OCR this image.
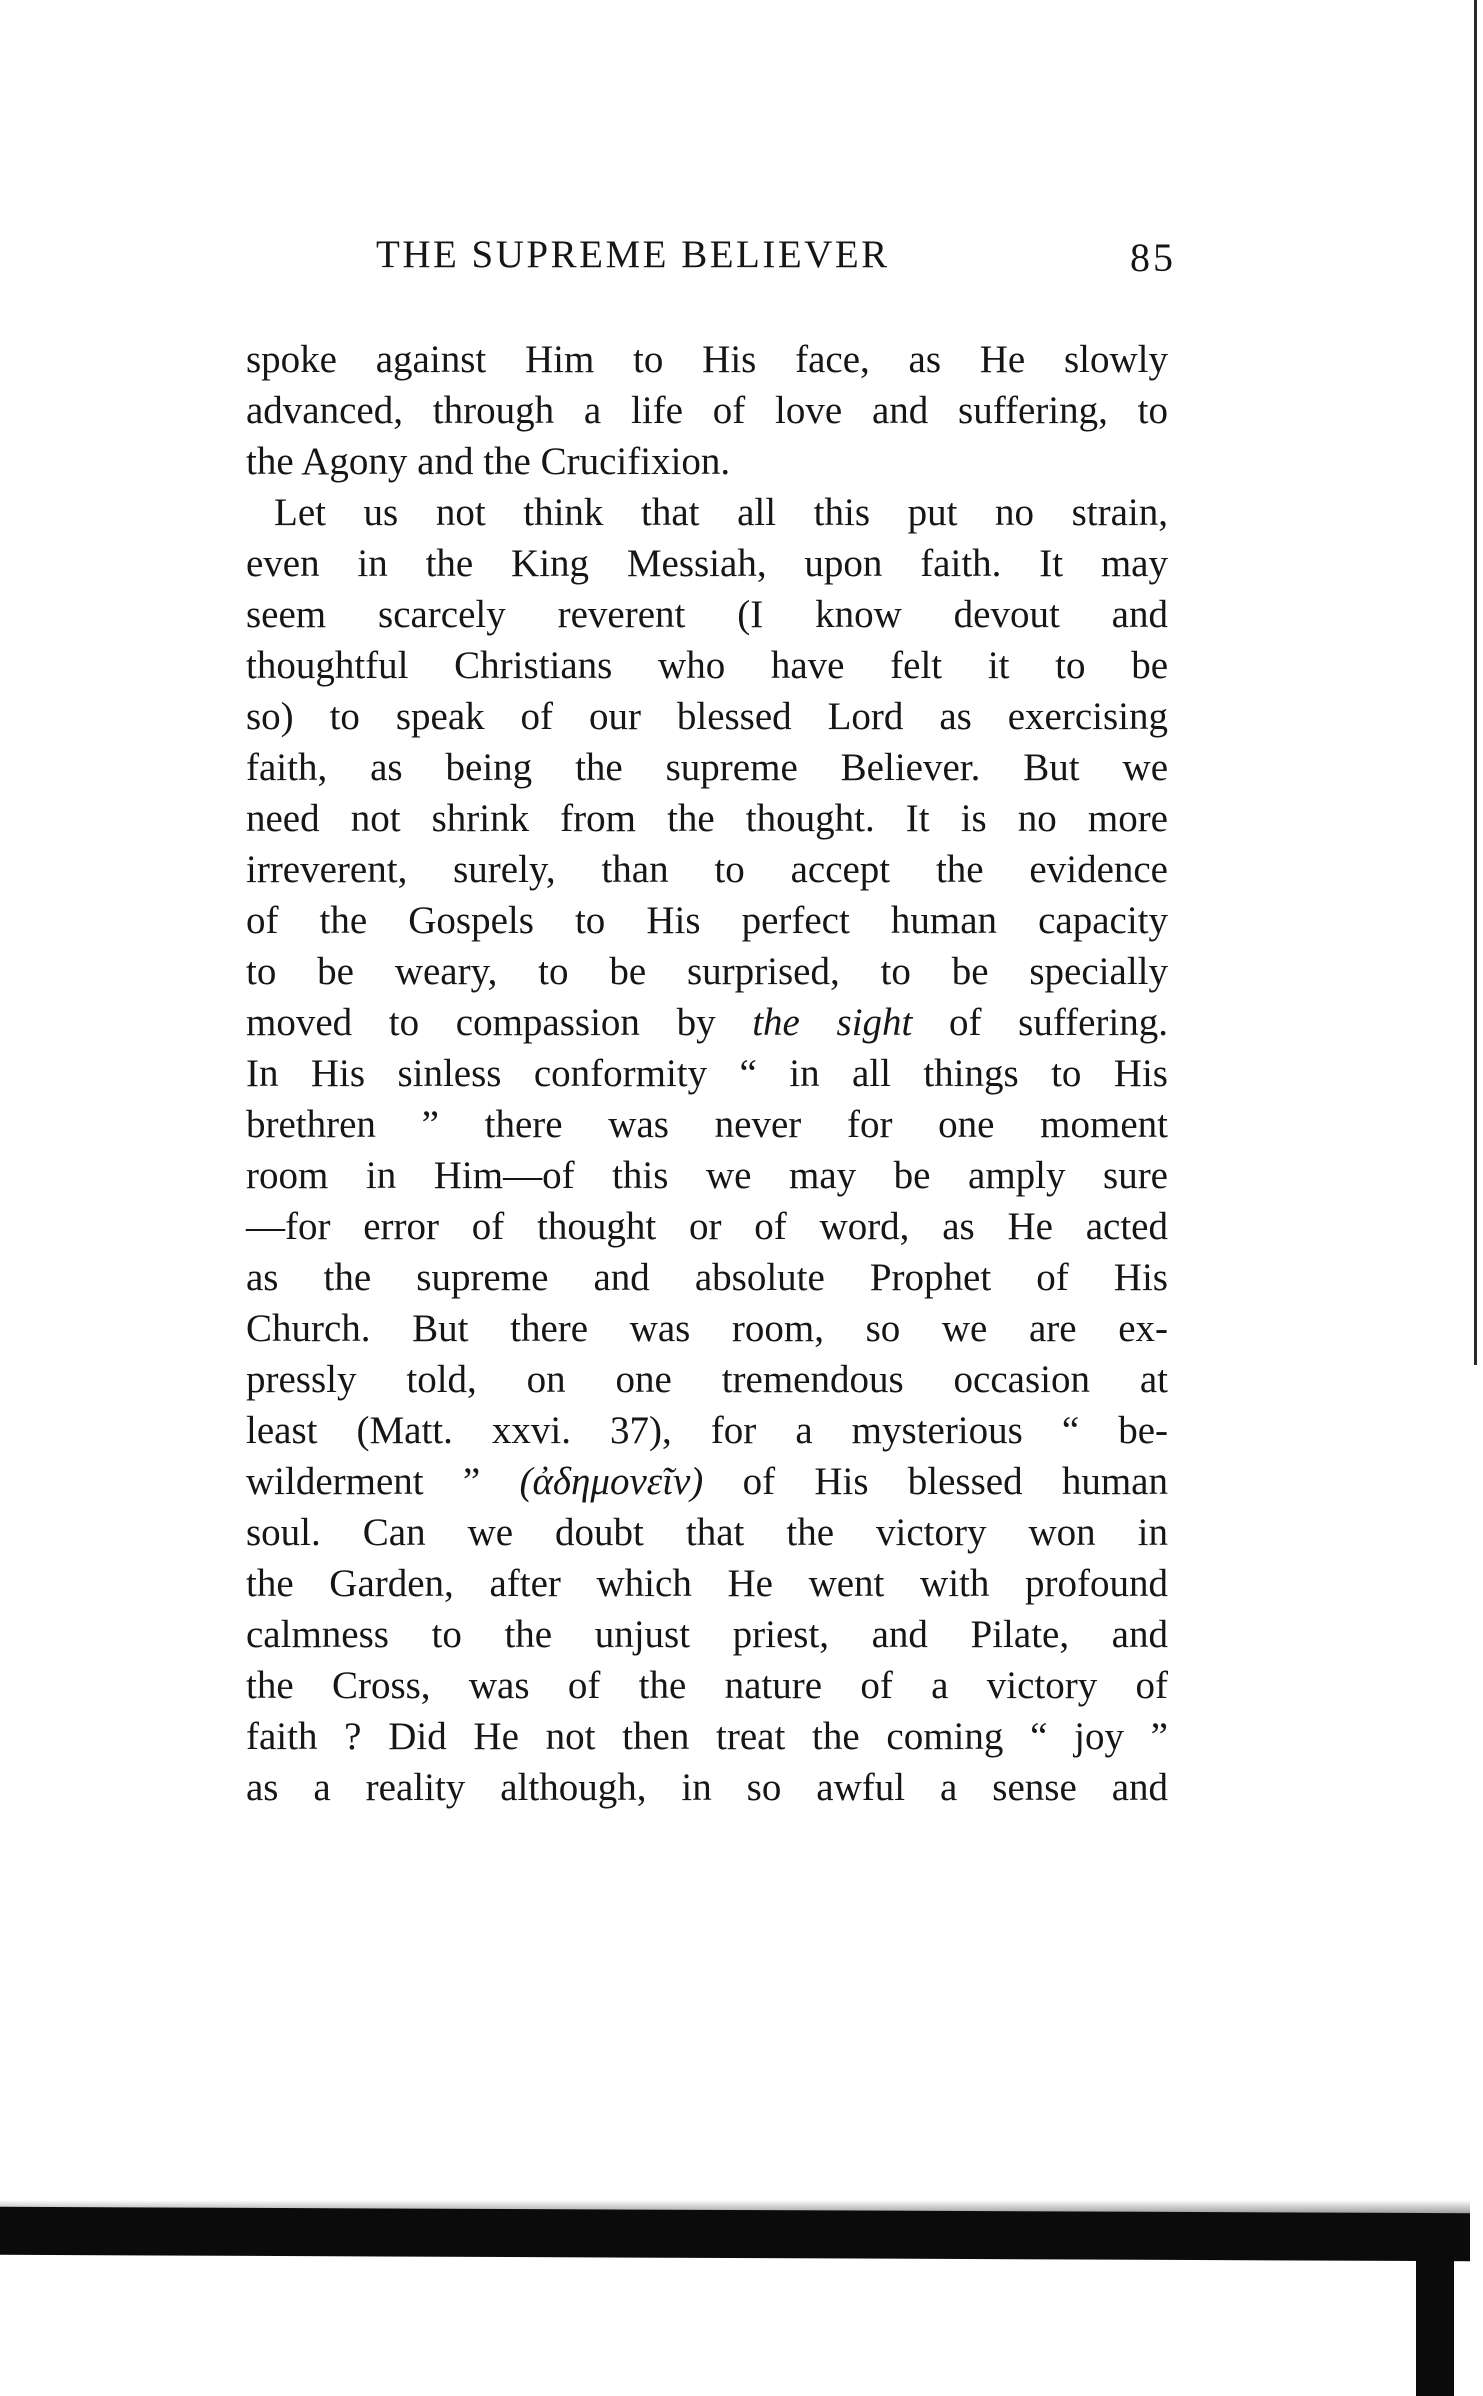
THE SUPREME BELIEVER	85
spoke against Him to His face, as He slowly
advanced, through a life of love and suffering, to
the Agony and the Crucifixion.
Let us not think that all this put no strain,
even in the King Messiah, upon faith. It may
seem scarcely reverent (I know devout and
thoughtful Christians who have felt it to be
so) to speak of our blessed Lord as exercising
faith, as being the supreme Believer. But we
need not shrink from the thought. It is no more
irreverent, surely, than to accept the evidence
of the Gospels to His perfect human capacity
to be weary, to be surprised, to be specially
moved to compassion by the sight of suffering.
In His sinless conformity “ in all things to His
brethren ” there was never for one moment
room in Him—of this we may be amply sure
—for error of thought or of word, as He acted
as the supreme and absolute Prophet of His
Church. But there was room, so we are ex-
pressly told, on one tremendous occasion at
least (Matt. xxvi. 37), for a mysterious “ be-
wilderment ” (ἀδημονεῖν) of His blessed human
soul. Can we doubt that the victory won in
the Garden, after which He went with profound
calmness to the unjust priest, and Pilate, and
the Cross, was of the nature of a victory of
faith ? Did He not then treat the coming “ joy ”
as a reality although, in so awful a sense and
